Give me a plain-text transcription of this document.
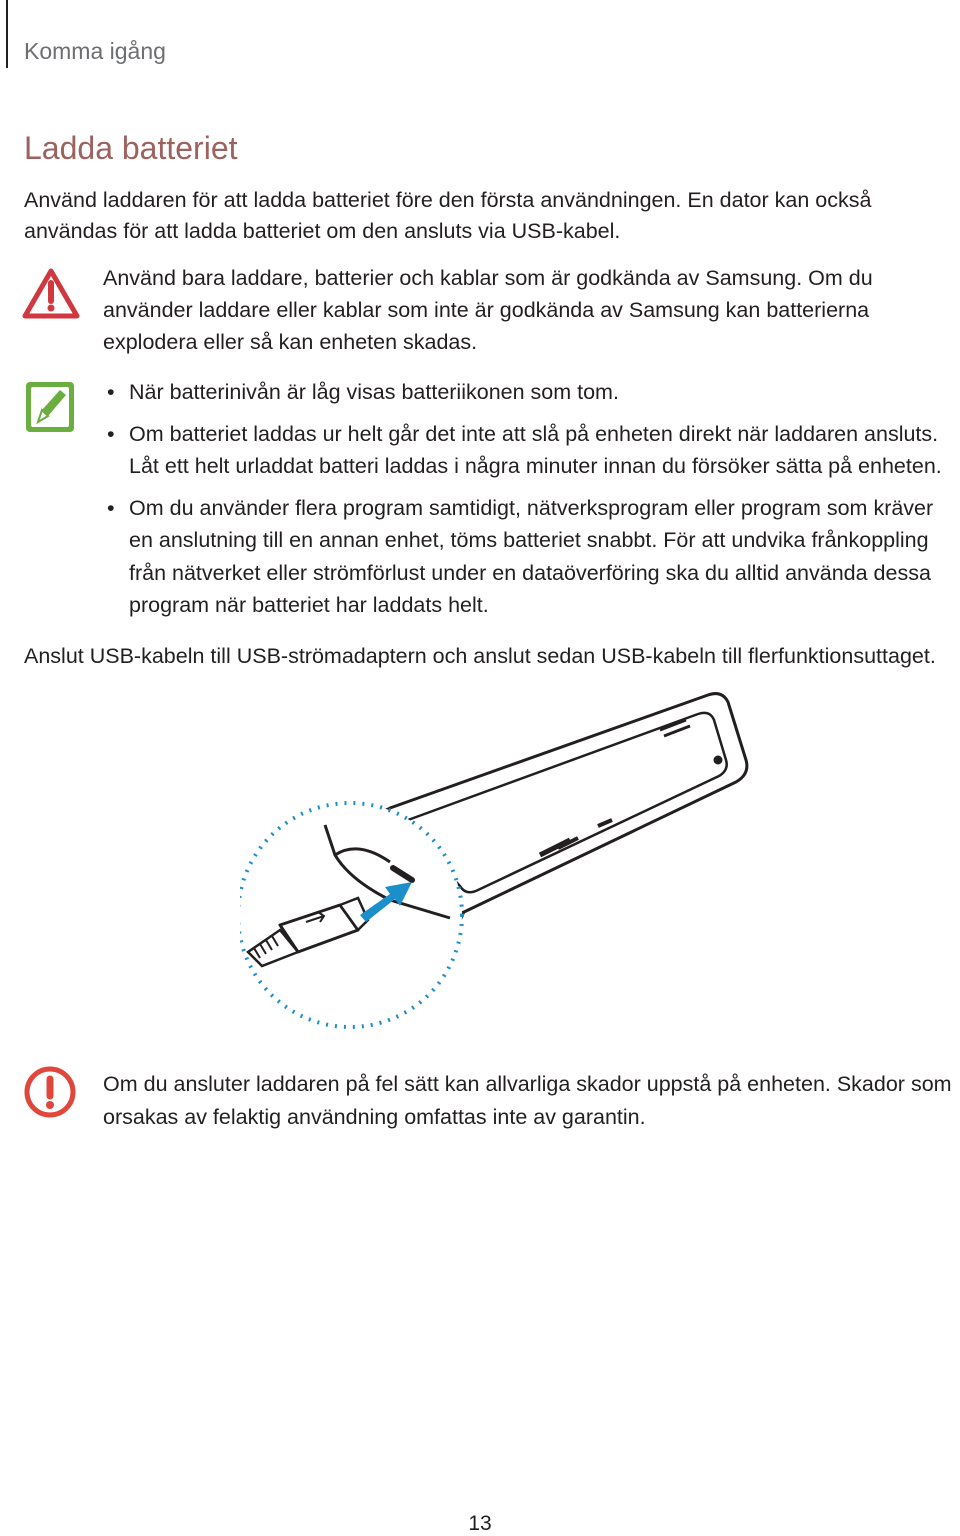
Komma igång
Ladda batteriet

Använd laddaren för att ladda batteriet före den första användningen. En dator kan också användas för att ladda batteriet om den ansluts via USB-kabel.

Använd bara laddare, batterier och kablar som är godkända av Samsung. Om du använder laddare eller kablar som inte är godkända av Samsung kan batterierna explodera eller så kan enheten skadas.

• När batterinivån är låg visas batteriikonen som tom.
• Om batteriet laddas ur helt går det inte att slå på enheten direkt när laddaren ansluts. Låt ett helt urladdat batteri laddas i några minuter innan du försöker sätta på enheten.
• Om du använder flera program samtidigt, nätverksprogram eller program som kräver en anslutning till en annan enhet, töms batteriet snabbt. För att undvika frånkoppling från nätverket eller strömförlust under en dataöverföring ska du alltid använda dessa program när batteriet har laddats helt.

Anslut USB-kabeln till USB-strömadaptern och anslut sedan USB-kabeln till flerfunktionsuttaget.

Om du ansluter laddaren på fel sätt kan allvarliga skador uppstå på enheten. Skador som orsakas av felaktig användning omfattas inte av garantin.

13
